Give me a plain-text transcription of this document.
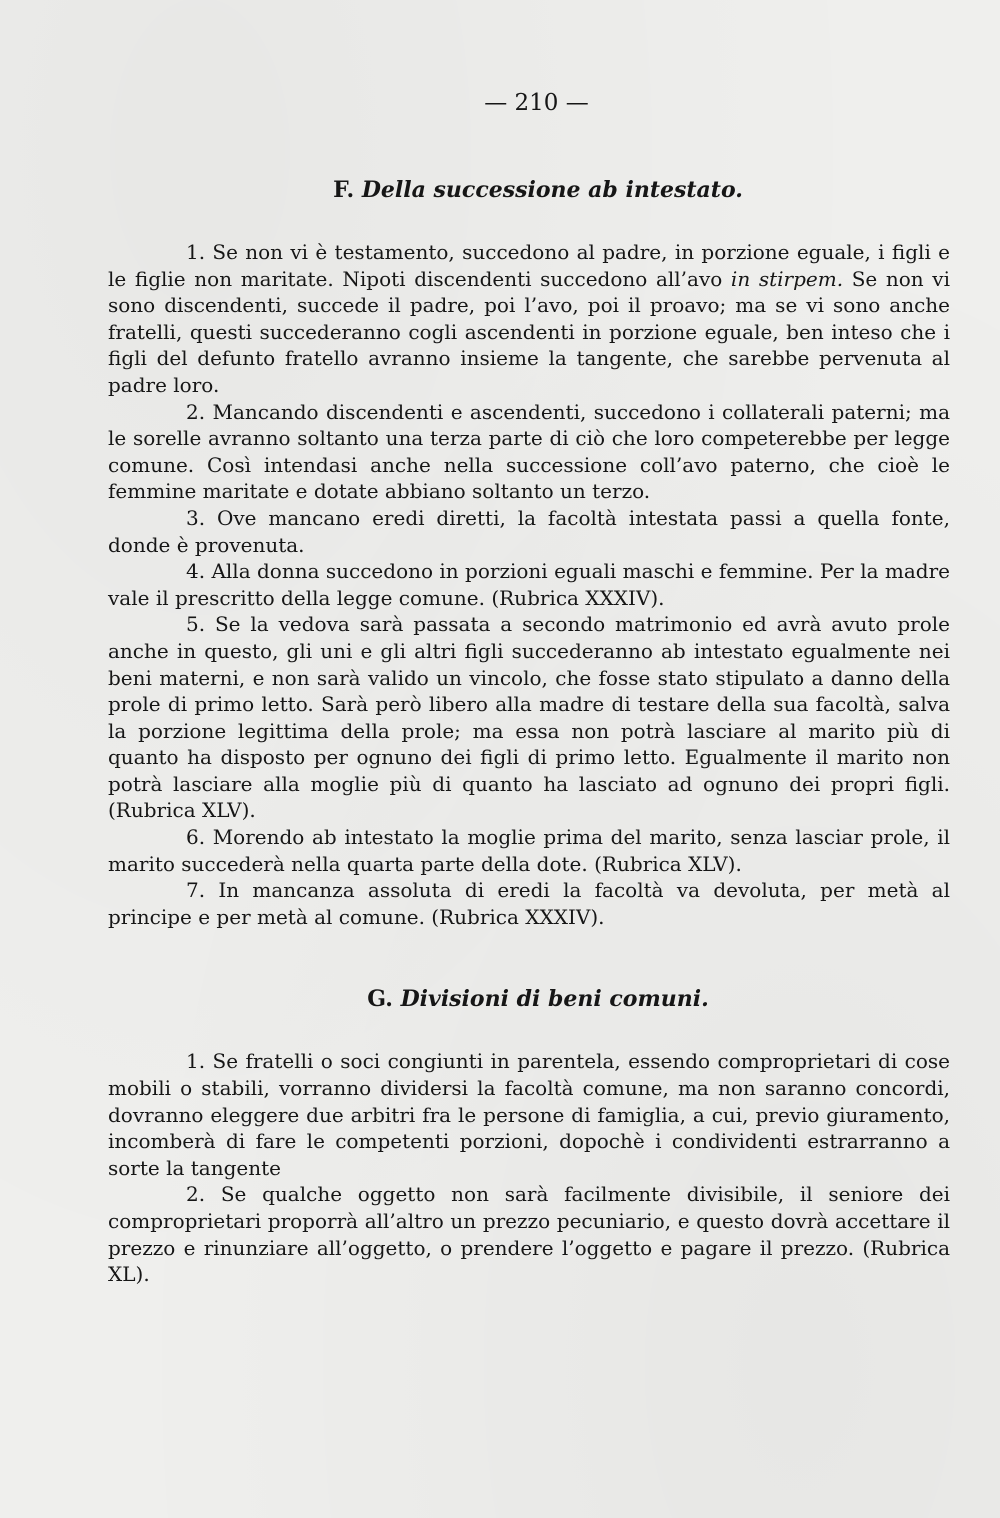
— 210 —
F. Della successione ab intestato.

1. Se non vi è testamento, succedono al padre, in porzione eguale, i figli e le figlie non maritate. Nipoti discendenti succedono all’avo in stirpem. Se non vi sono discendenti, succede il padre, poi l’avo, poi il proavo; ma se vi sono anche fratelli, questi succederanno cogli ascendenti in porzione eguale, ben inteso che i figli del defunto fratello avranno insieme la tangente, che sarebbe pervenuta al padre loro.

2. Mancando discendenti e ascendenti, succedono i collaterali paterni; ma le sorelle avranno soltanto una terza parte di ciò che loro competerebbe per legge comune. Così intendasi anche nella successione coll’avo paterno, che cioè le femmine maritate e dotate abbiano soltanto un terzo.

3. Ove mancano eredi diretti, la facoltà intestata passi a quella fonte, donde è provenuta.

4. Alla donna succedono in porzioni eguali maschi e femmine. Per la madre vale il prescritto della legge comune. (Rubrica XXXIV).

5. Se la vedova sarà passata a secondo matrimonio ed avrà avuto prole anche in questo, gli uni e gli altri figli succederanno ab intestato egualmente nei beni materni, e non sarà valido un vincolo, che fosse stato stipulato a danno della prole di primo letto. Sarà però libero alla madre di testare della sua facoltà, salva la porzione legittima della prole; ma essa non potrà lasciare al marito più di quanto ha disposto per ognuno dei figli di primo letto. Egualmente il marito non potrà lasciare alla moglie più di quanto ha lasciato ad ognuno dei propri figli. (Rubrica XLV).

6. Morendo ab intestato la moglie prima del marito, senza lasciar prole, il marito succederà nella quarta parte della dote. (Rubrica XLV).

7. In mancanza assoluta di eredi la facoltà va devoluta, per metà al principe e per metà al comune. (Rubrica XXXIV).

G. Divisioni di beni comuni.

1. Se fratelli o soci congiunti in parentela, essendo comproprietari di cose mobili o stabili, vorranno dividersi la facoltà comune, ma non saranno concordi, dovranno eleggere due arbitri fra le persone di famiglia, a cui, previo giuramento, incomberà di fare le competenti porzioni, dopochè i condividenti estrarranno a sorte la tangente

2. Se qualche oggetto non sarà facilmente divisibile, il seniore dei comproprietari proporrà all’altro un prezzo pecuniario, e questo dovrà accettare il prezzo e rinunziare all’oggetto, o prendere l’oggetto e pagare il prezzo. (Rubrica XL).
